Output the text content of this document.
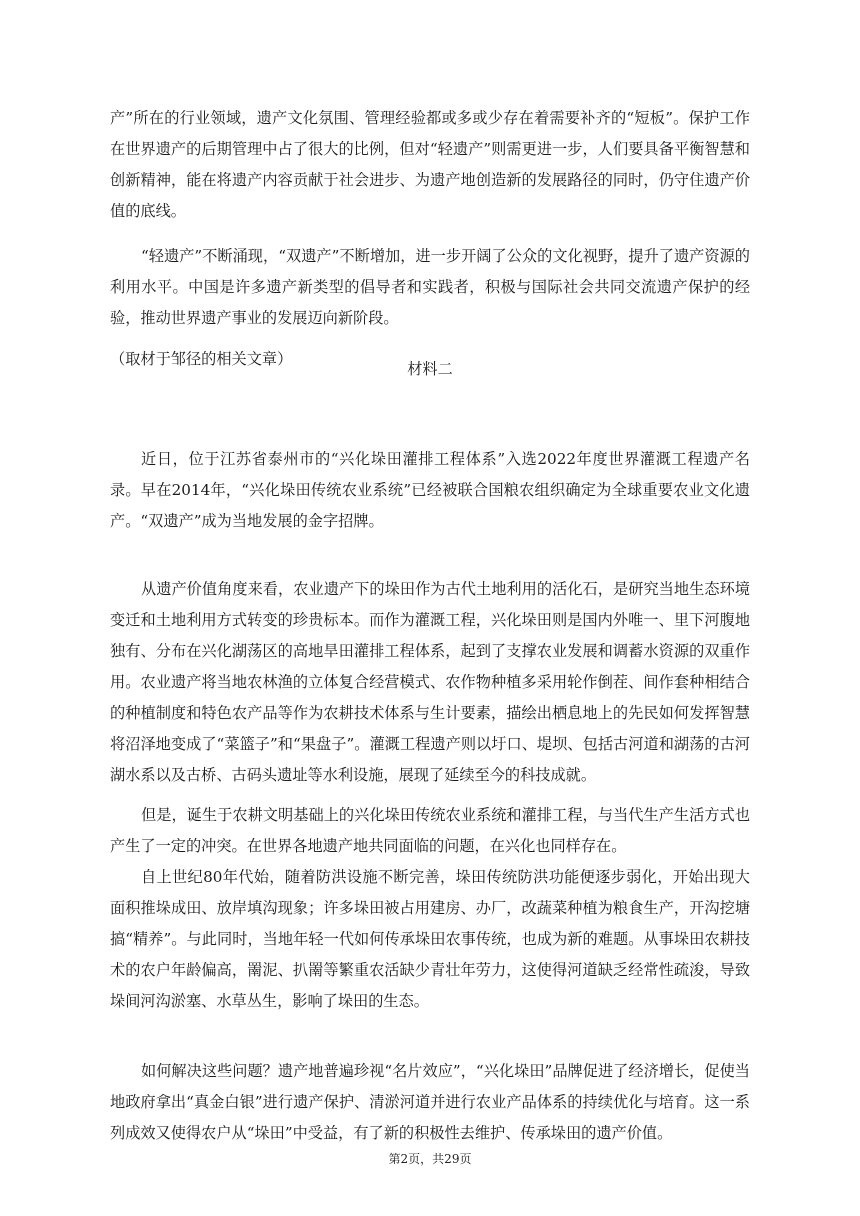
产”所在的行业领域，遗产文化氛围、管理经验都或多或少存在着需要补齐的“短板”。保护工作在世界遗产的后期管理中占了很大的比例，但对“轻遗产”则需更进一步，人们要具备平衡智慧和创新精神，能在将遗产内容贡献于社会进步、为遗产地创造新的发展路径的同时，仍守住遗产价值的底线。

“轻遗产”不断涌现，“双遗产”不断增加，进一步开阔了公众的文化视野，提升了遗产资源的利用水平。中国是许多遗产新类型的倡导者和实践者，积极与国际社会共同交流遗产保护的经验，推动世界遗产事业的发展迈向新阶段。

（取材于邹径的相关文章）

材料二

近日，位于江苏省泰州市的“兴化垛田灌排工程体系”入选2022年度世界灌溉工程遗产名录。早在2014年，“兴化垛田传统农业系统”已经被联合国粮农组织确定为全球重要农业文化遗产。“双遗产”成为当地发展的金字招牌。

从遗产价值角度来看，农业遗产下的垛田作为古代土地利用的活化石，是研究当地生态环境变迁和土地利用方式转变的珍贵标本。而作为灌溉工程，兴化垛田则是国内外唯一、里下河腹地独有、分布在兴化湖荡区的高地旱田灌排工程体系，起到了支撑农业发展和调蓄水资源的双重作用。农业遗产将当地农林渔的立体复合经营模式、农作物种植多采用轮作倒茬、间作套种相结合的种植制度和特色农产品等作为农耕技术体系与生计要素，描绘出栖息地上的先民如何发挥智慧将沼泽地变成了“菜篮子”和“果盘子”。灌溉工程遗产则以圩口、堤坝、包括古河道和湖荡的古河湖水系以及古桥、古码头遗址等水利设施，展现了延续至今的科技成就。

但是，诞生于农耕文明基础上的兴化垛田传统农业系统和灌排工程，与当代生产生活方式也产生了一定的冲突。在世界各地遗产地共同面临的问题，在兴化也同样存在。

自上世纪80年代始，随着防洪设施不断完善，垛田传统防洪功能便逐步弱化，开始出现大面积推垛成田、放岸填沟现象；许多垛田被占用建房、办厂，改蔬菜种植为粮食生产，开沟挖塘搞“精养”。与此同时，当地年轻一代如何传承垛田农事传统，也成为新的难题。从事垛田农耕技术的农户年龄偏高，罱泥、扒罱等繁重农活缺少青壮年劳力，这使得河道缺乏经常性疏浚，导致垛间河沟淤塞、水草丛生，影响了垛田的生态。

如何解决这些问题？遗产地普遍珍视“名片效应”，“兴化垛田”品牌促进了经济增长，促使当地政府拿出“真金白银”进行遗产保护、清淤河道并进行农业产品体系的持续优化与培育。这一系列成效又使得农户从“垛田”中受益，有了新的积极性去维护、传承垛田的遗产价值。

第2页，共29页
